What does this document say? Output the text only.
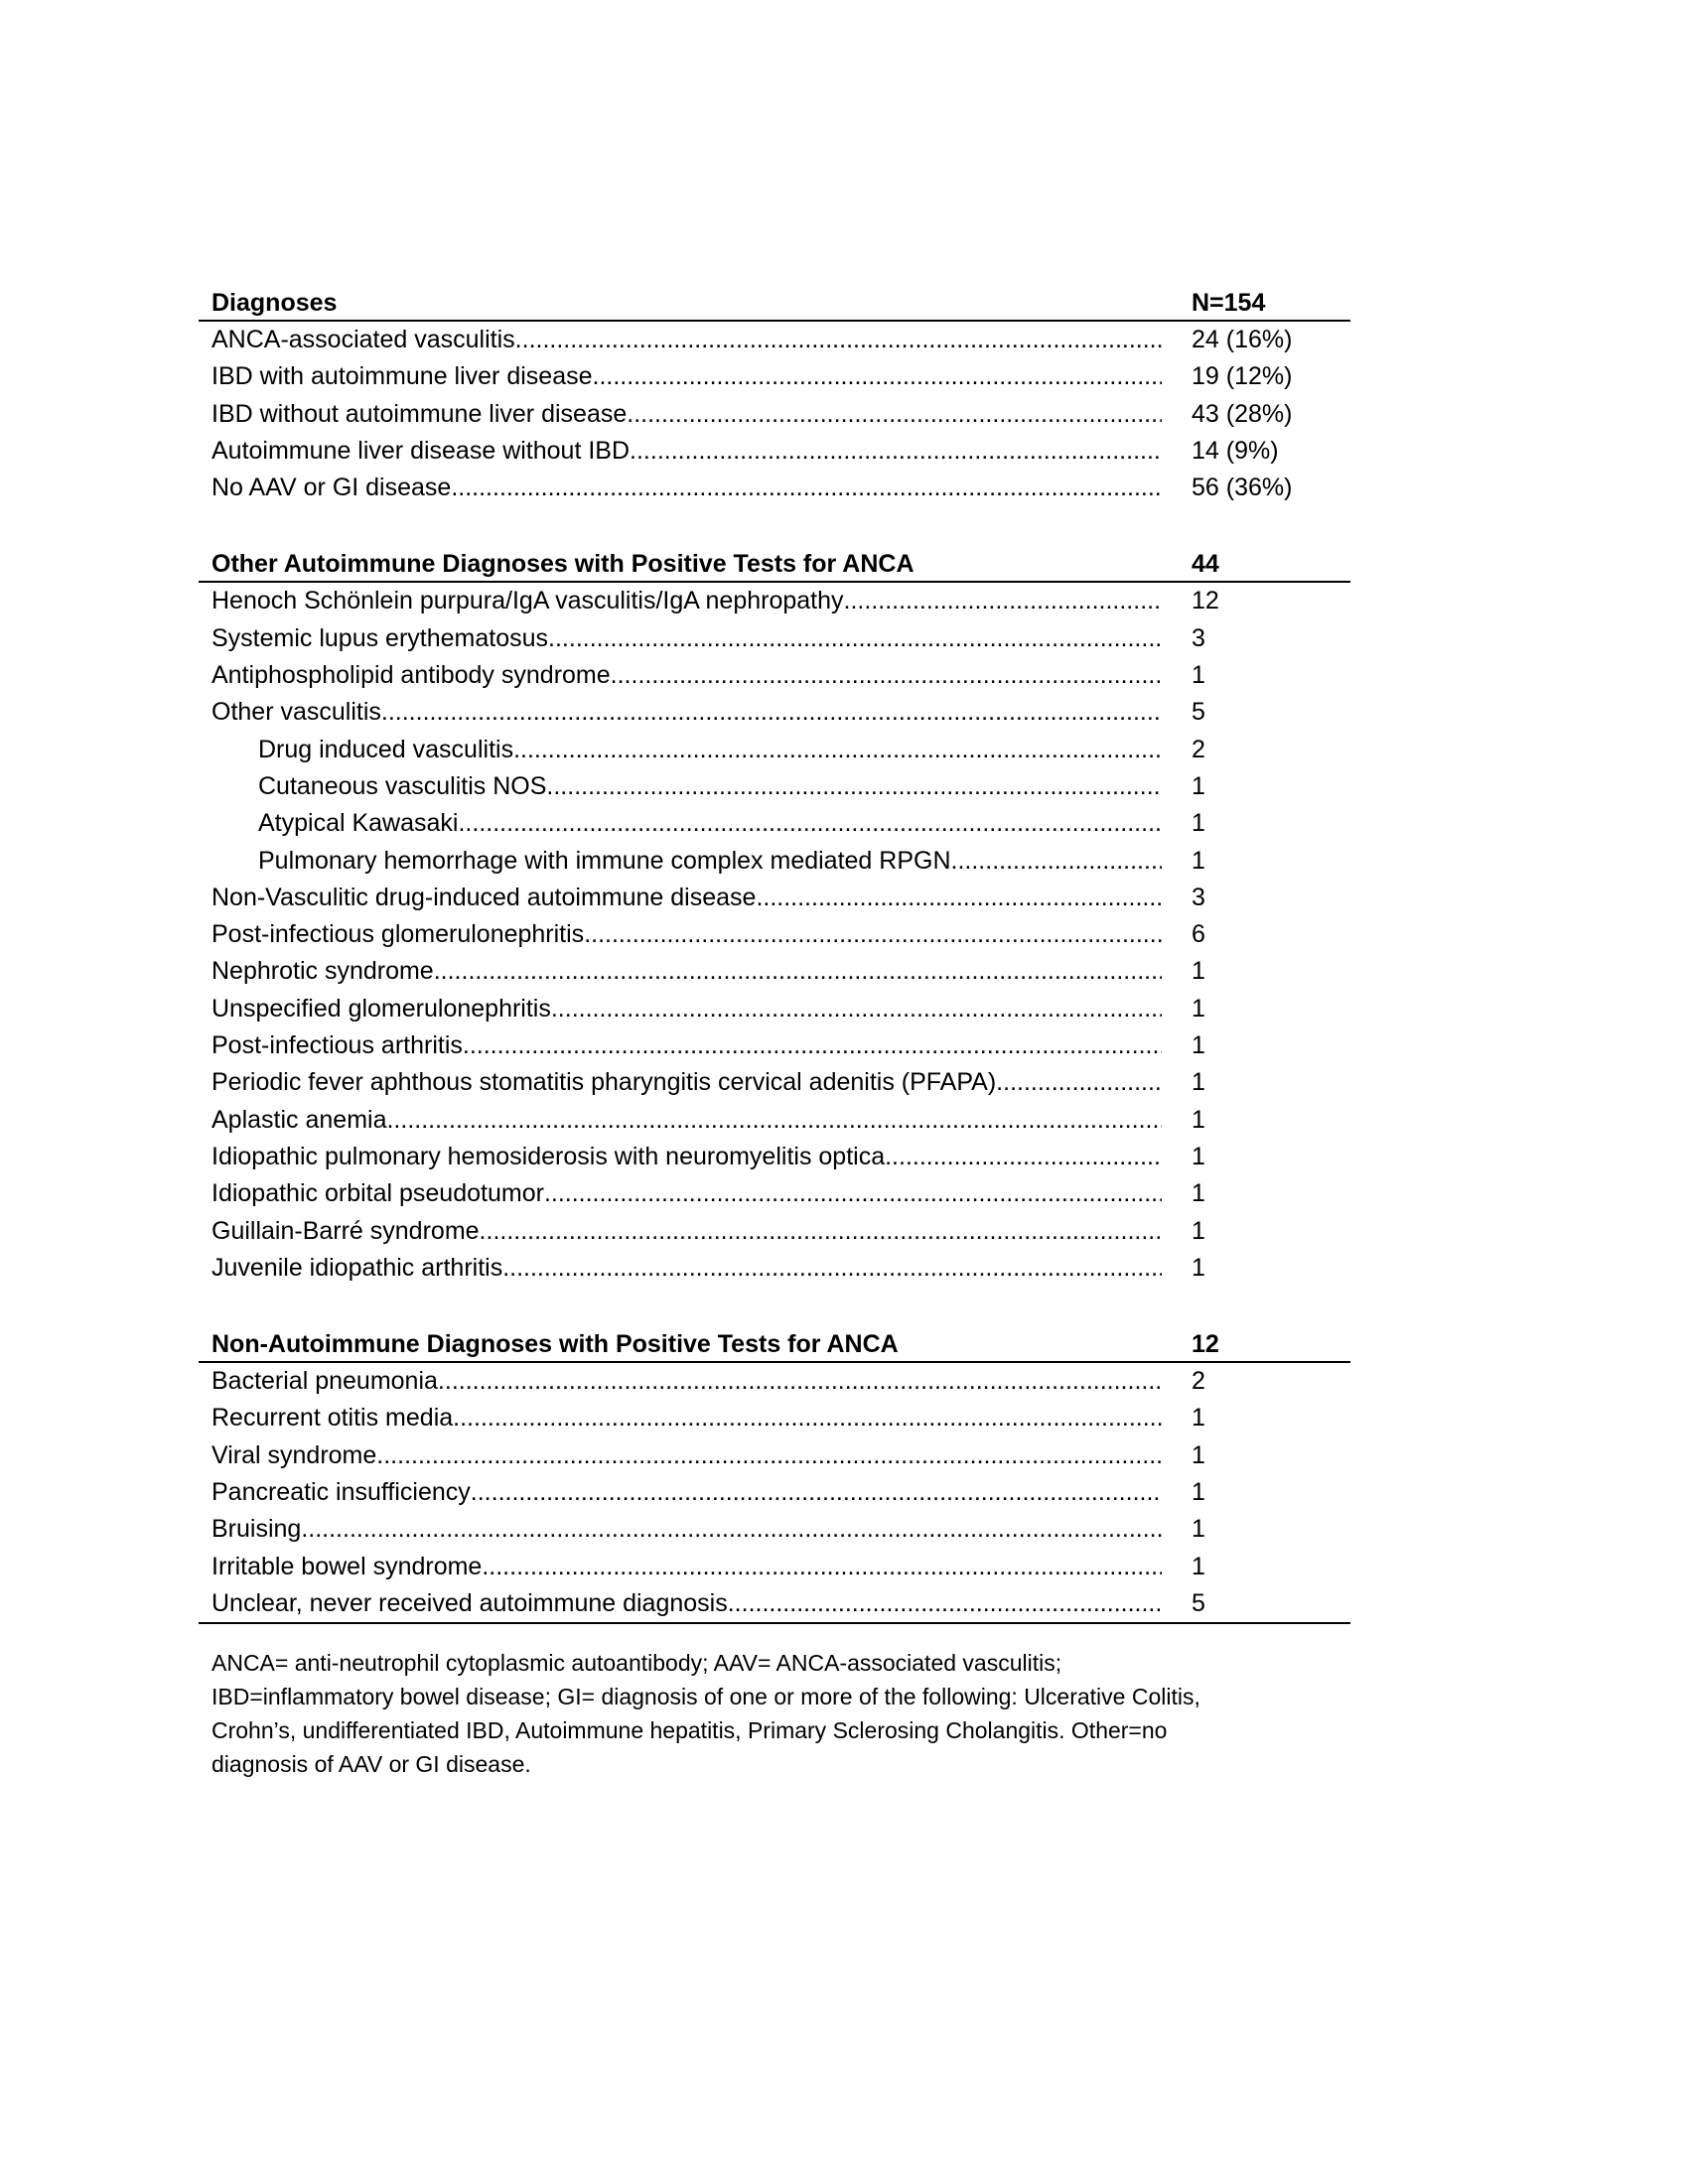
Diagnoses	N=154
ANCA-associated vasculitis .....	24 (16%)
IBD with autoimmune liver disease .....	19 (12%)
IBD without autoimmune liver disease .....	43 (28%)
Autoimmune liver disease without IBD .....	14 (9%)
No AAV or GI disease .....	56 (36%)
Other Autoimmune Diagnoses with Positive Tests for ANCA	44
Henoch Schönlein purpura/IgA vasculitis/IgA nephropathy .....	12
Systemic lupus erythematosus .....	3
Antiphospholipid antibody syndrome .....	1
Other vasculitis .....	5
Drug induced vasculitis .....	2
Cutaneous vasculitis NOS .....	1
Atypical Kawasaki .....	1
Pulmonary hemorrhage with immune complex mediated RPGN .....	1
Non-Vasculitic drug-induced autoimmune disease .....	3
Post-infectious glomerulonephritis .....	6
Nephrotic syndrome .....	1
Unspecified glomerulonephritis .....	1
Post-infectious arthritis .....	1
Periodic fever aphthous stomatitis pharyngitis cervical adenitis (PFAPA) .....	1
Aplastic anemia .....	1
Idiopathic pulmonary hemosiderosis with neuromyelitis optica .....	1
Idiopathic orbital pseudotumor .....	1
Guillain-Barré syndrome .....	1
Juvenile idiopathic arthritis .....	1
Non-Autoimmune Diagnoses with Positive Tests for ANCA	12
Bacterial pneumonia .....	2
Recurrent otitis media .....	1
Viral syndrome .....	1
Pancreatic insufficiency .....	1
Bruising .....	1
Irritable bowel syndrome .....	1
Unclear, never received autoimmune diagnosis .....	5
ANCA= anti-neutrophil cytoplasmic autoantibody; AAV= ANCA-associated vasculitis;
IBD=inflammatory bowel disease; GI= diagnosis of one or more of the following: Ulcerative Colitis,
Crohn’s, undifferentiated IBD, Autoimmune hepatitis, Primary Sclerosing Cholangitis. Other=no
diagnosis of AAV or GI disease.
